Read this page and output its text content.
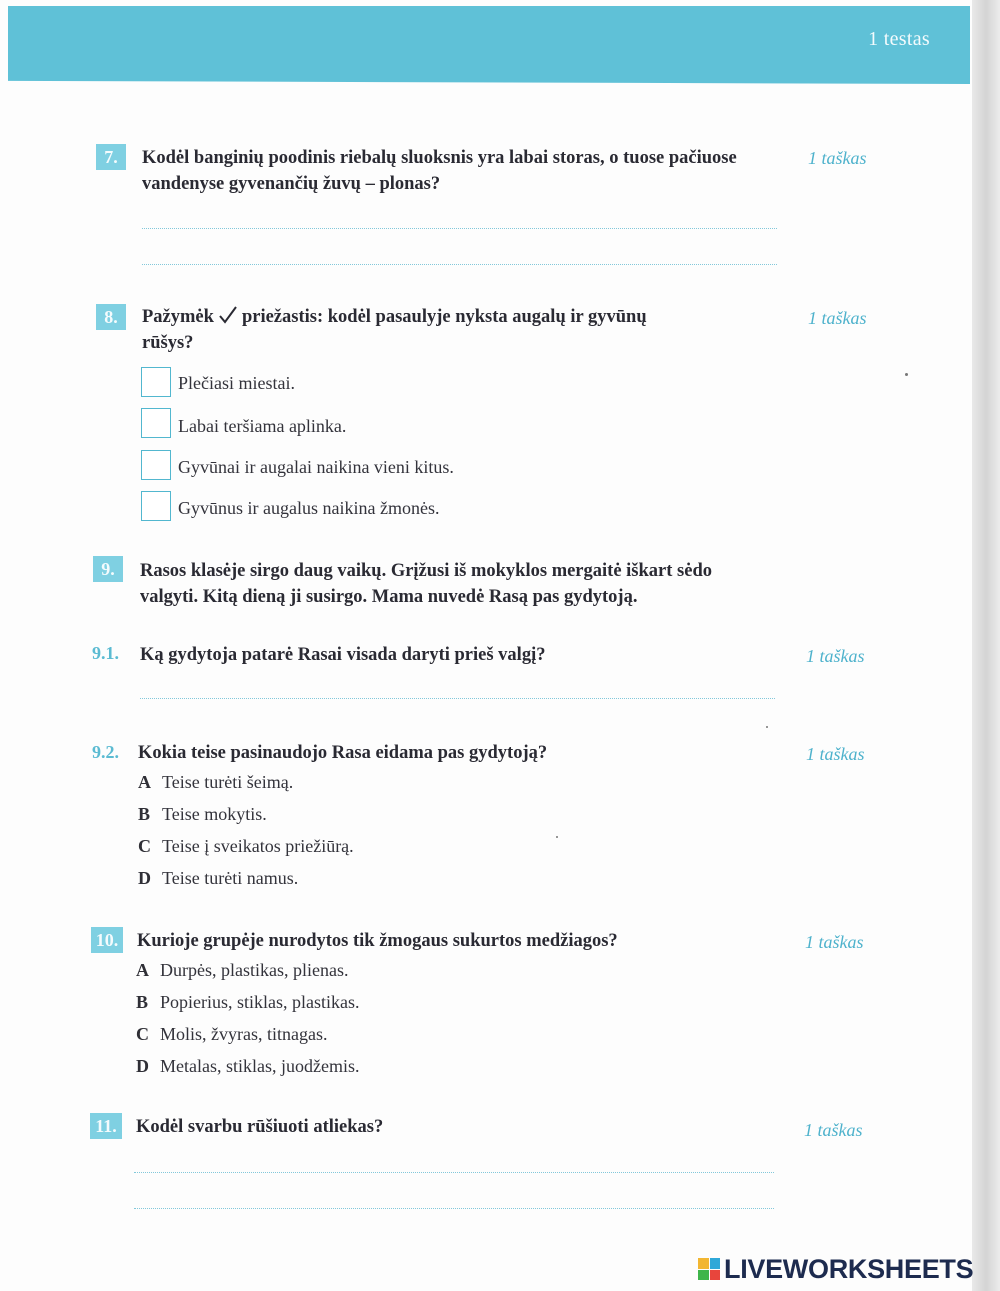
1 testas
7.	Kodėl banginių poodinis riebalų sluoksnis yra labai storas, o tuose pačiuose
vandenyse gyvenančių žuvų – plonas?
1 taškas
8.	Pažymėk priežastis: kodėl pasaulyje nyksta augalų ir gyvūnų
rūšys?
1 taškas
Plečiasi miestai.
Labai teršiama aplinka.
Gyvūnai ir augalai naikina vieni kitus.
Gyvūnus ir augalus naikina žmonės.
9.	Rasos klasėje sirgo daug vaikų. Grįžusi iš mokyklos mergaitė iškart sėdo
valgyti. Kitą dieną ji susirgo. Mama nuvedė Rasą pas gydytoją.
9.1. Ką gydytoja patarė Rasai visada daryti prieš valgį?	1 taškas
9.2. Kokia teise pasinaudojo Rasa eidama pas gydytoją?	1 taškas
A Teise turėti šeimą.
B Teise mokytis.
C Teise į sveikatos priežiūrą.
D Teise turėti namus.
10. Kurioje grupėje nurodytos tik žmogaus sukurtos medžiagos?	1 taškas
A Durpės, plastikas, plienas.
B Popierius, stiklas, plastikas.
C Molis, žvyras, titnagas.
D Metalas, stiklas, juodžemis.
11. Kodėl svarbu rūšiuoti atliekas?	1 taškas
LIVEWORKSHEETS
